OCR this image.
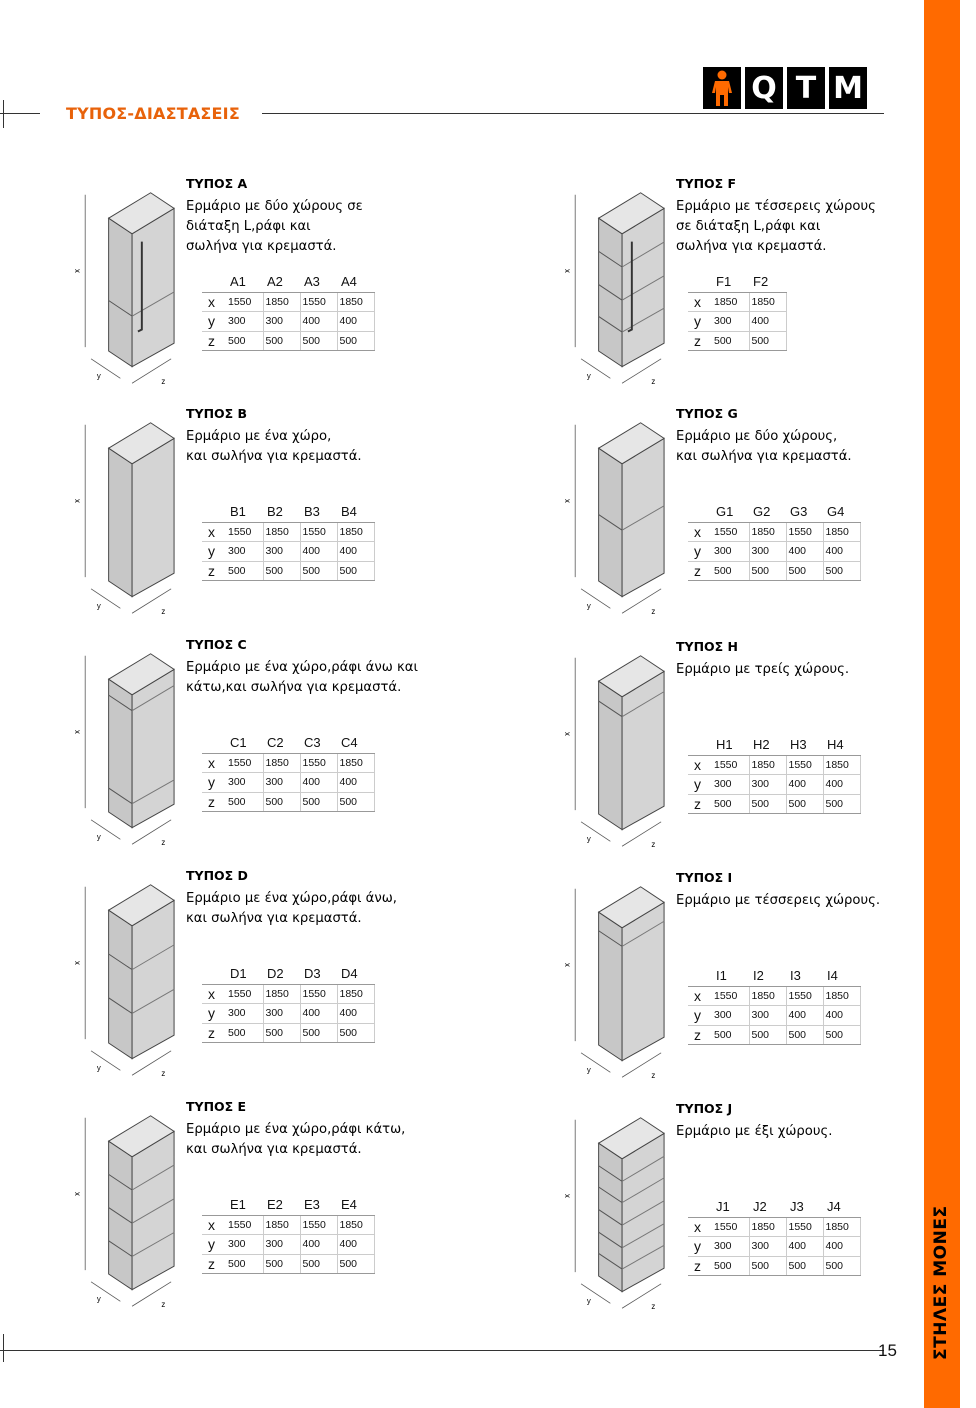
ΤΥΠΟΣ-ΔΙΑΣΤΑΣΕΙΣ
Q T M
ΣΤΗΛΕΣ ΜΟΝΕΣ
x
y
z
ΤΥΠΟΣ A
Ερμάριο με δύο χώρους σε
διάταξη L,ράφι και
σωλήνα για κρεμαστά.
	A1	A2	A3	A4
x	1550	1850	1550	1850
y	300	300	400	400
z	500	500	500	500
x
y
z
ΤΥΠΟΣ F
Ερμάριο με τέσσερεις χώρους
σε διάταξη L,ράφι και
σωλήνα για κρεμαστά.
	F1	F2
x	1850	1850
y	300	400
z	500	500
x
y
z
ΤΥΠΟΣ B
Ερμάριο με ένα χώρο,
και σωλήνα για κρεμαστά.
	B1	B2	B3	B4
x	1550	1850	1550	1850
y	300	300	400	400
z	500	500	500	500
x
y
z
ΤΥΠΟΣ G
Ερμάριο με δύο χώρους,
και σωλήνα για κρεμαστά.
	G1	G2	G3	G4
x	1550	1850	1550	1850
y	300	300	400	400
z	500	500	500	500
x
y
z
ΤΥΠΟΣ C
Ερμάριο με ένα χώρο,ράφι άνω και
κάτω,και σωλήνα για κρεμαστά.
	C1	C2	C3	C4
x	1550	1850	1550	1850
y	300	300	400	400
z	500	500	500	500
x
y
z
ΤΥΠΟΣ H
Ερμάριο με τρείς χώρους.
	H1	H2	H3	H4
x	1550	1850	1550	1850
y	300	300	400	400
z	500	500	500	500
x
y
z
ΤΥΠΟΣ D
Ερμάριο με ένα χώρο,ράφι άνω,
και σωλήνα για κρεμαστά.
	D1	D2	D3	D4
x	1550	1850	1550	1850
y	300	300	400	400
z	500	500	500	500
x
y
z
ΤΥΠΟΣ I
Ερμάριο με τέσσερεις χώρους.
	I1	I2	I3	I4
x	1550	1850	1550	1850
y	300	300	400	400
z	500	500	500	500
x
y
z
ΤΥΠΟΣ E
Ερμάριο με ένα χώρο,ράφι κάτω,
και σωλήνα για κρεμαστά.
	E1	E2	E3	E4
x	1550	1850	1550	1850
y	300	300	400	400
z	500	500	500	500
x
y
z
ΤΥΠΟΣ J
Ερμάριο με έξι χώρους.
	J1	J2	J3	J4
x	1550	1850	1550	1850
y	300	300	400	400
z	500	500	500	500
15
